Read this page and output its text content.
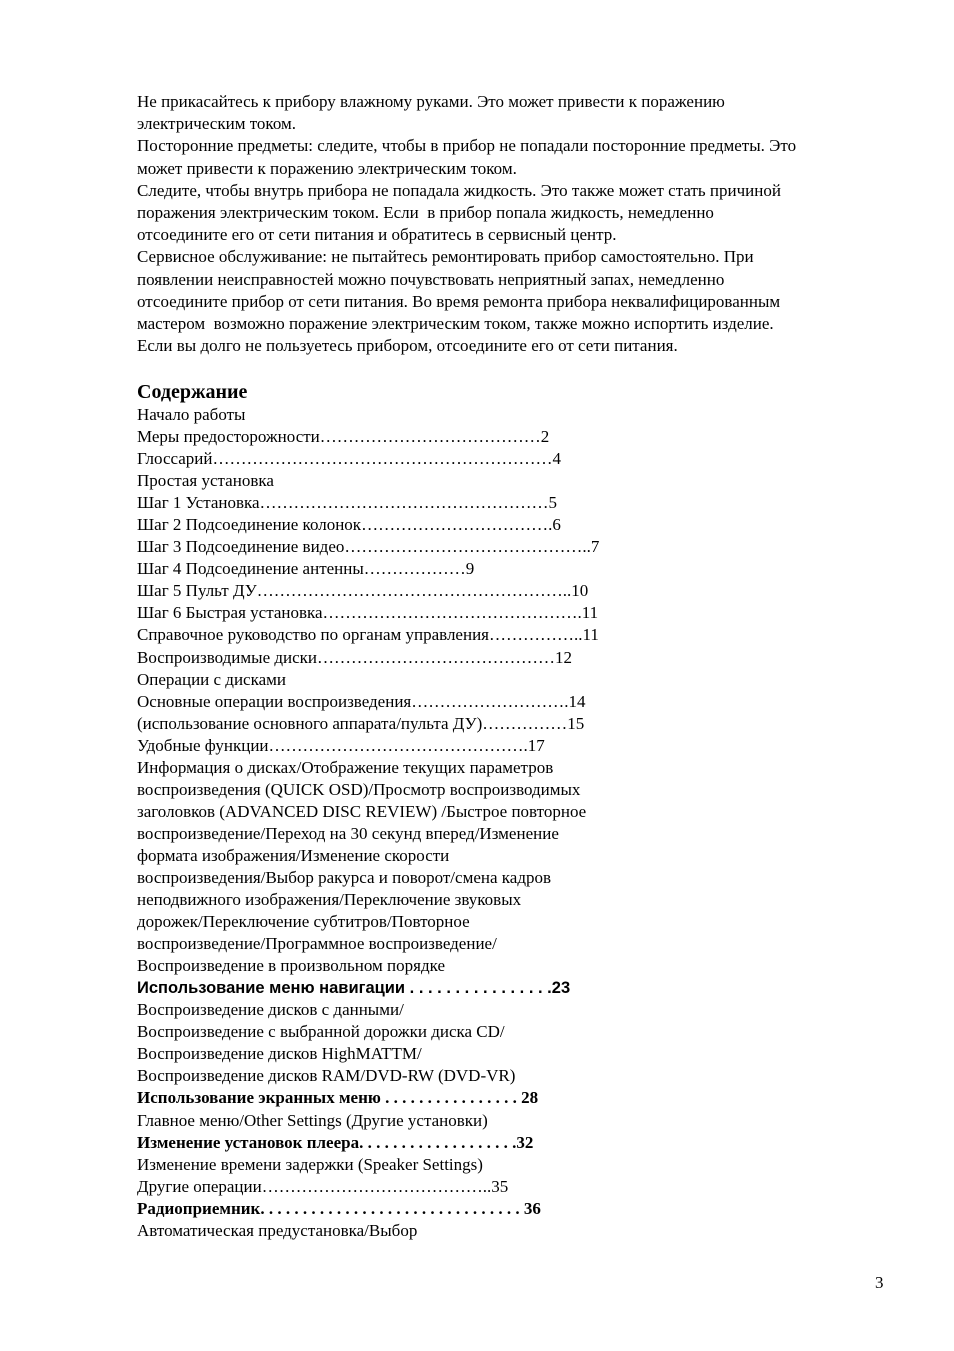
Не прикасайтесь к прибору влажному руками. Это может привести к поражению
электрическим током.

Посторонние предметы: следите, чтобы в прибор не попадали посторонние предметы. Это
может привести к поражению электрическим током.

Следите, чтобы внутрь прибора не попадала жидкость. Это также может стать причиной
поражения электрическим током. Если  в прибор попала жидкость, немедленно
отсоедините его от сети питания и обратитесь в сервисный центр.

Сервисное обслуживание: не пытайтесь ремонтировать прибор самостоятельно. При
появлении неисправностей можно почувствовать неприятный запах, немедленно
отсоедините прибор от сети питания. Во время ремонта прибора неквалифицированным
мастером  возможно поражение электрическим током, также можно испортить изделие.

Если вы долго не пользуетесь прибором, отсоедините его от сети питания.

Содержание

Начало работы

Меры предосторожности…………………………………2

Глоссарий……………………………………………………4

Простая установка

Шаг 1 Установка……………………………………………5

Шаг 2 Подсоединение колонок…………………………….6

Шаг 3 Подсоединение видео……………………………………..7

Шаг 4 Подсоединение антенны………………9

Шаг 5 Пульт ДУ………………………………………………..10

Шаг 6 Быстрая установка……………………………………….11

Справочное руководство по органам управления……………..11

Воспроизводимые диски……………………………………12

Операции с дисками

Основные операции воспроизведения……………………….14

(использование основного аппарата/пульта ДУ)……………15

Удобные функции……………………………………….17

Информация о дисках/Отображение текущих параметров

воспроизведения (QUICK OSD)/Просмотр воспроизводимых

заголовков (ADVANCED DISC REVIEW) /Быстрое повторное

воспроизведение/Переход на 30 секунд вперед/Изменение

формата изображения/Изменение скорости

воспроизведения/Выбор ракурса и поворот/смена кадров

неподвижного изображения/Переключение звуковых

дорожек/Переключение субтитров/Повторное

воспроизведение/Программное воспроизведение/

Воспроизведение в произвольном порядке

Использование меню навигации . . . . . . . . . . . . . . . .23

Воспроизведение дисков с данными/

Воспроизведение с выбранной дорожки диска CD/

Воспроизведение дисков HighMATTM/

Воспроизведение дисков RAM/DVD-RW (DVD-VR)

Использование экранных меню . . . . . . . . . . . . . . . . 28

Главное меню/Other Settings (Другие установки)

Изменение установок плеера. . . . . . . . . . . . . . . . . . .32

Изменение времени задержки (Speaker Settings)

Другие операции…………………………………..35

Радиоприемник. . . . . . . . . . . . . . . . . . . . . . . . . . . . . . . 36

Автоматическая предустановка/Выбор

3
